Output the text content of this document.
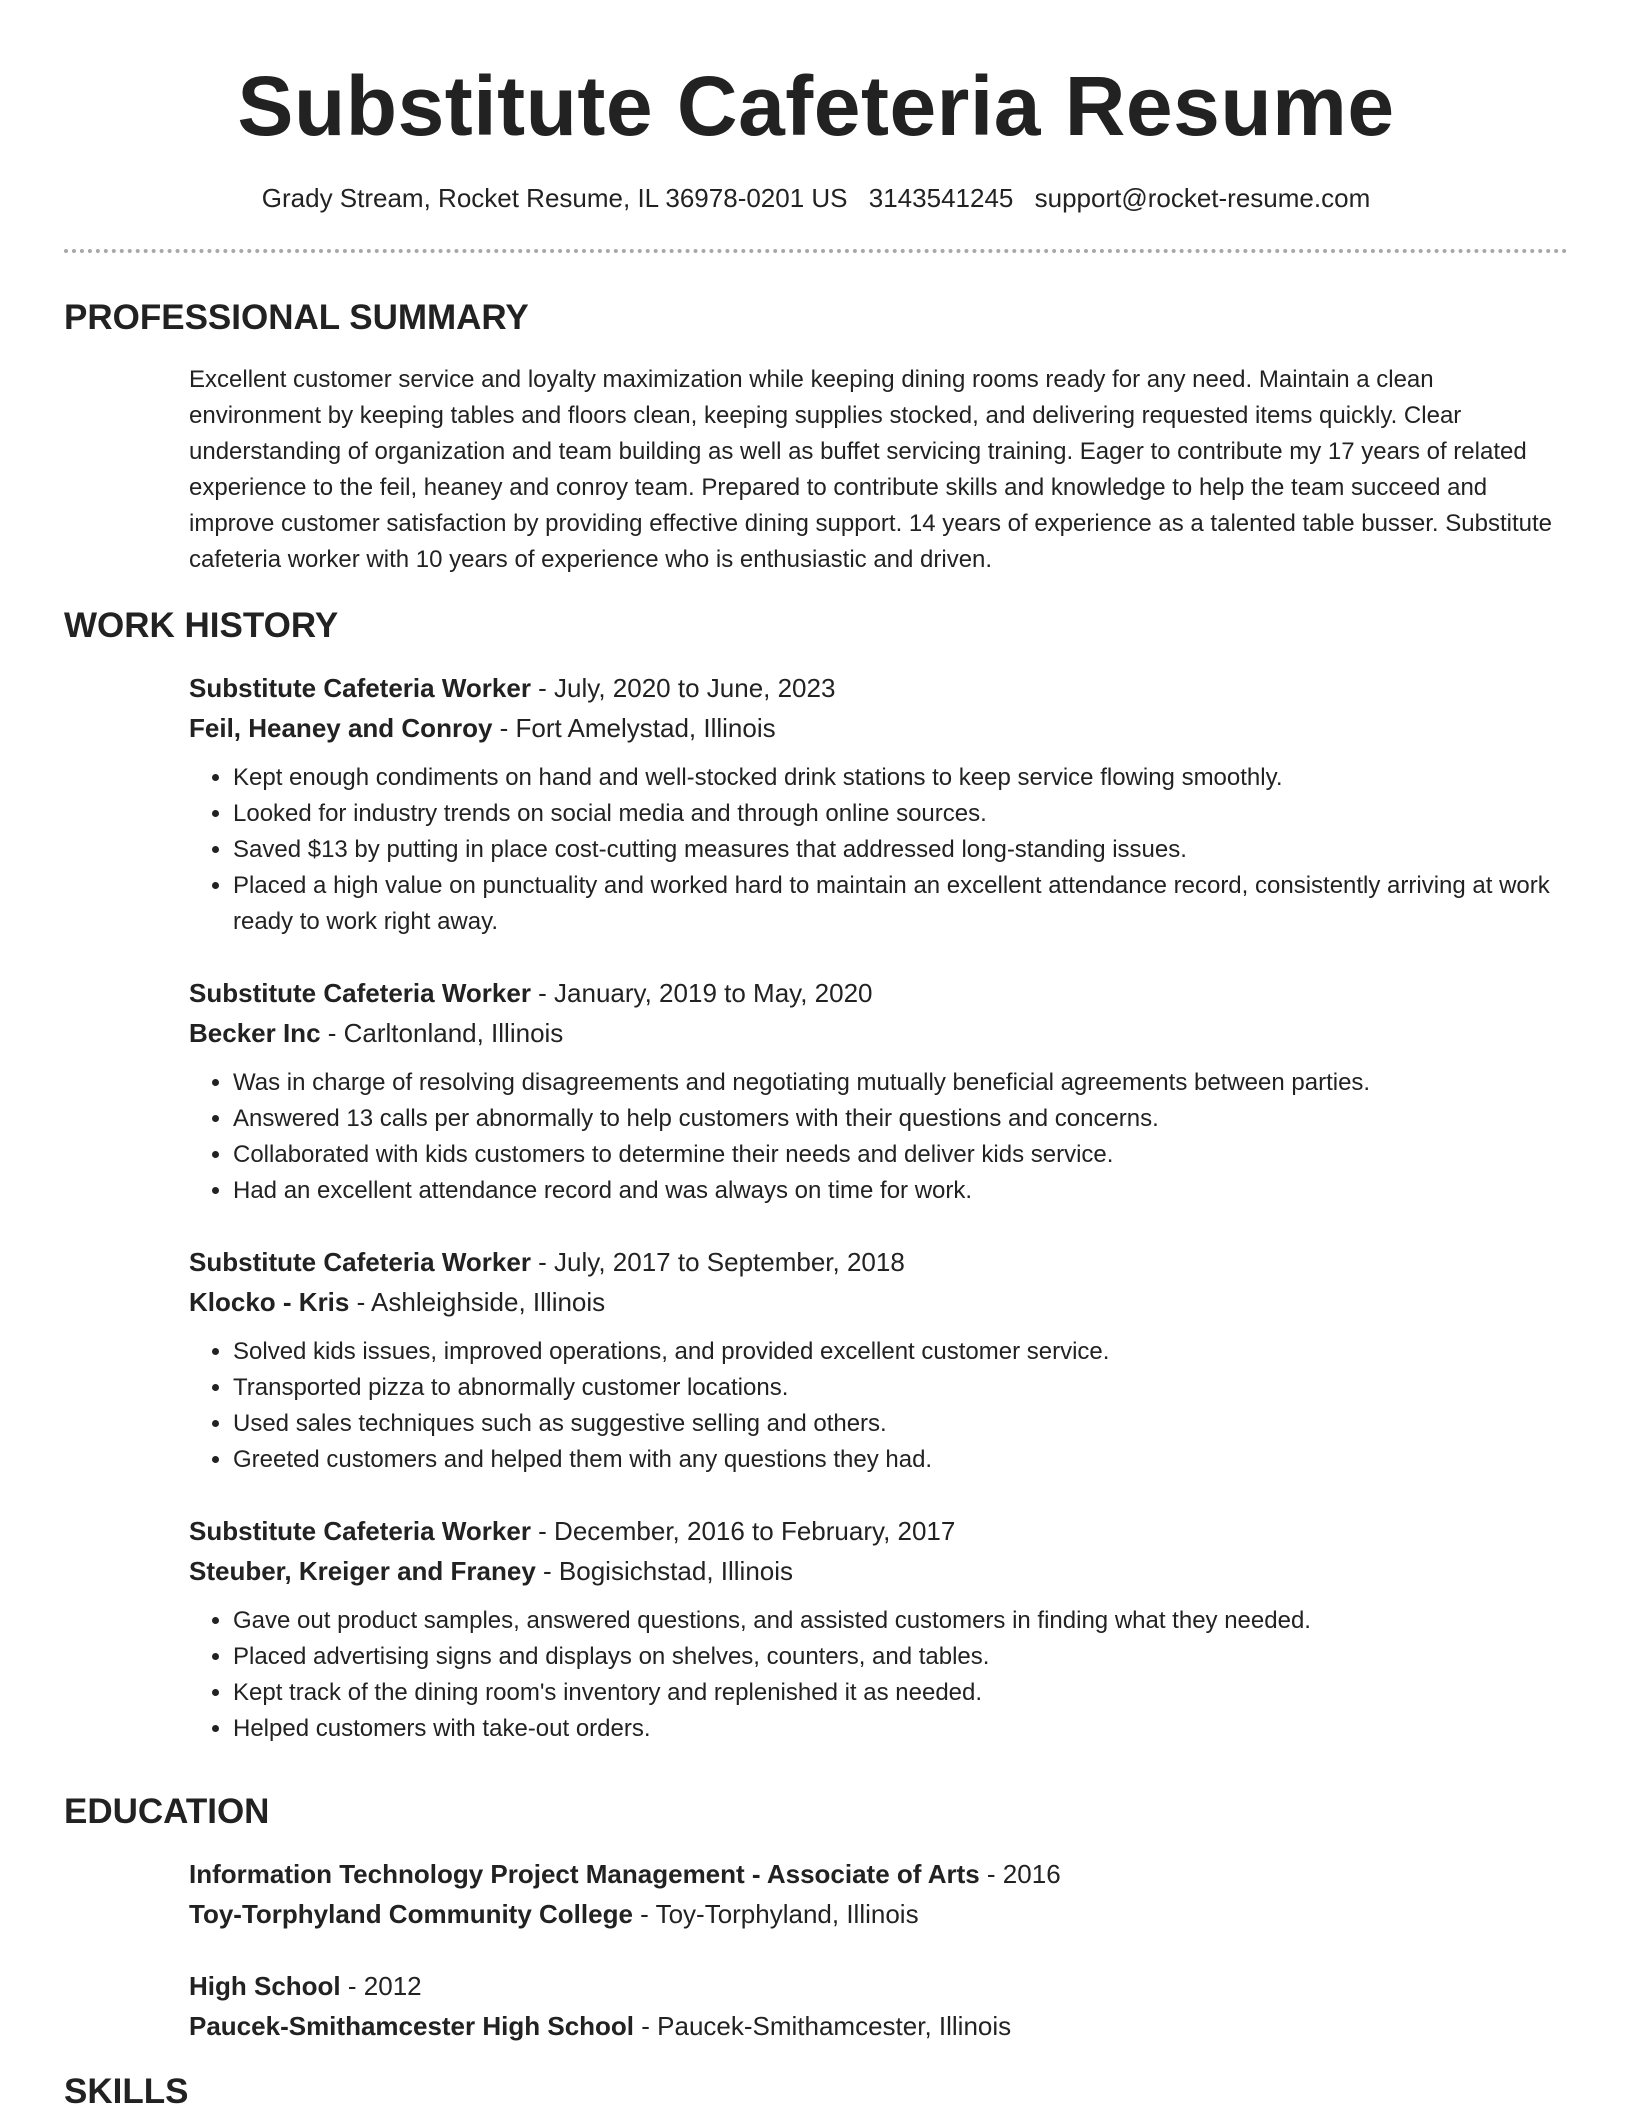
Substitute Cafeteria Resume
Grady Stream, Rocket Resume, IL 36978-0201 US 3143541245 support@rocket-resume.com
PROFESSIONAL SUMMARY

Excellent customer service and loyalty maximization while keeping dining rooms ready for any need. Maintain a clean environment by keeping tables and floors clean, keeping supplies stocked, and delivering requested items quickly. Clear understanding of organization and team building as well as buffet servicing training. Eager to contribute my 17 years of related experience to the feil, heaney and conroy team. Prepared to contribute skills and knowledge to help the team succeed and improve customer satisfaction by providing effective dining support. 14 years of experience as a talented table busser. Substitute cafeteria worker with 10 years of experience who is enthusiastic and driven.

WORK HISTORY
Substitute Cafeteria Worker - July, 2020 to June, 2023
Feil, Heaney and Conroy - Fort Amelystad, Illinois
• Kept enough condiments on hand and well-stocked drink stations to keep service flowing smoothly.
• Looked for industry trends on social media and through online sources.
• Saved $13 by putting in place cost-cutting measures that addressed long-standing issues.
• Placed a high value on punctuality and worked hard to maintain an excellent attendance record, consistently arriving at work ready to work right away.
Substitute Cafeteria Worker - January, 2019 to May, 2020
Becker Inc - Carltonland, Illinois
• Was in charge of resolving disagreements and negotiating mutually beneficial agreements between parties.
• Answered 13 calls per abnormally to help customers with their questions and concerns.
• Collaborated with kids customers to determine their needs and deliver kids service.
• Had an excellent attendance record and was always on time for work.
Substitute Cafeteria Worker - July, 2017 to September, 2018
Klocko - Kris - Ashleighside, Illinois
• Solved kids issues, improved operations, and provided excellent customer service.
• Transported pizza to abnormally customer locations.
• Used sales techniques such as suggestive selling and others.
• Greeted customers and helped them with any questions they had.
Substitute Cafeteria Worker - December, 2016 to February, 2017
Steuber, Kreiger and Franey - Bogisichstad, Illinois
• Gave out product samples, answered questions, and assisted customers in finding what they needed.
• Placed advertising signs and displays on shelves, counters, and tables.
• Kept track of the dining room's inventory and replenished it as needed.
• Helped customers with take-out orders.
EDUCATION
Information Technology Project Management - Associate of Arts - 2016
Toy-Torphyland Community College - Toy-Torphyland, Illinois
High School - 2012
Paucek-Smithamcester High School - Paucek-Smithamcester, Illinois
SKILLS
